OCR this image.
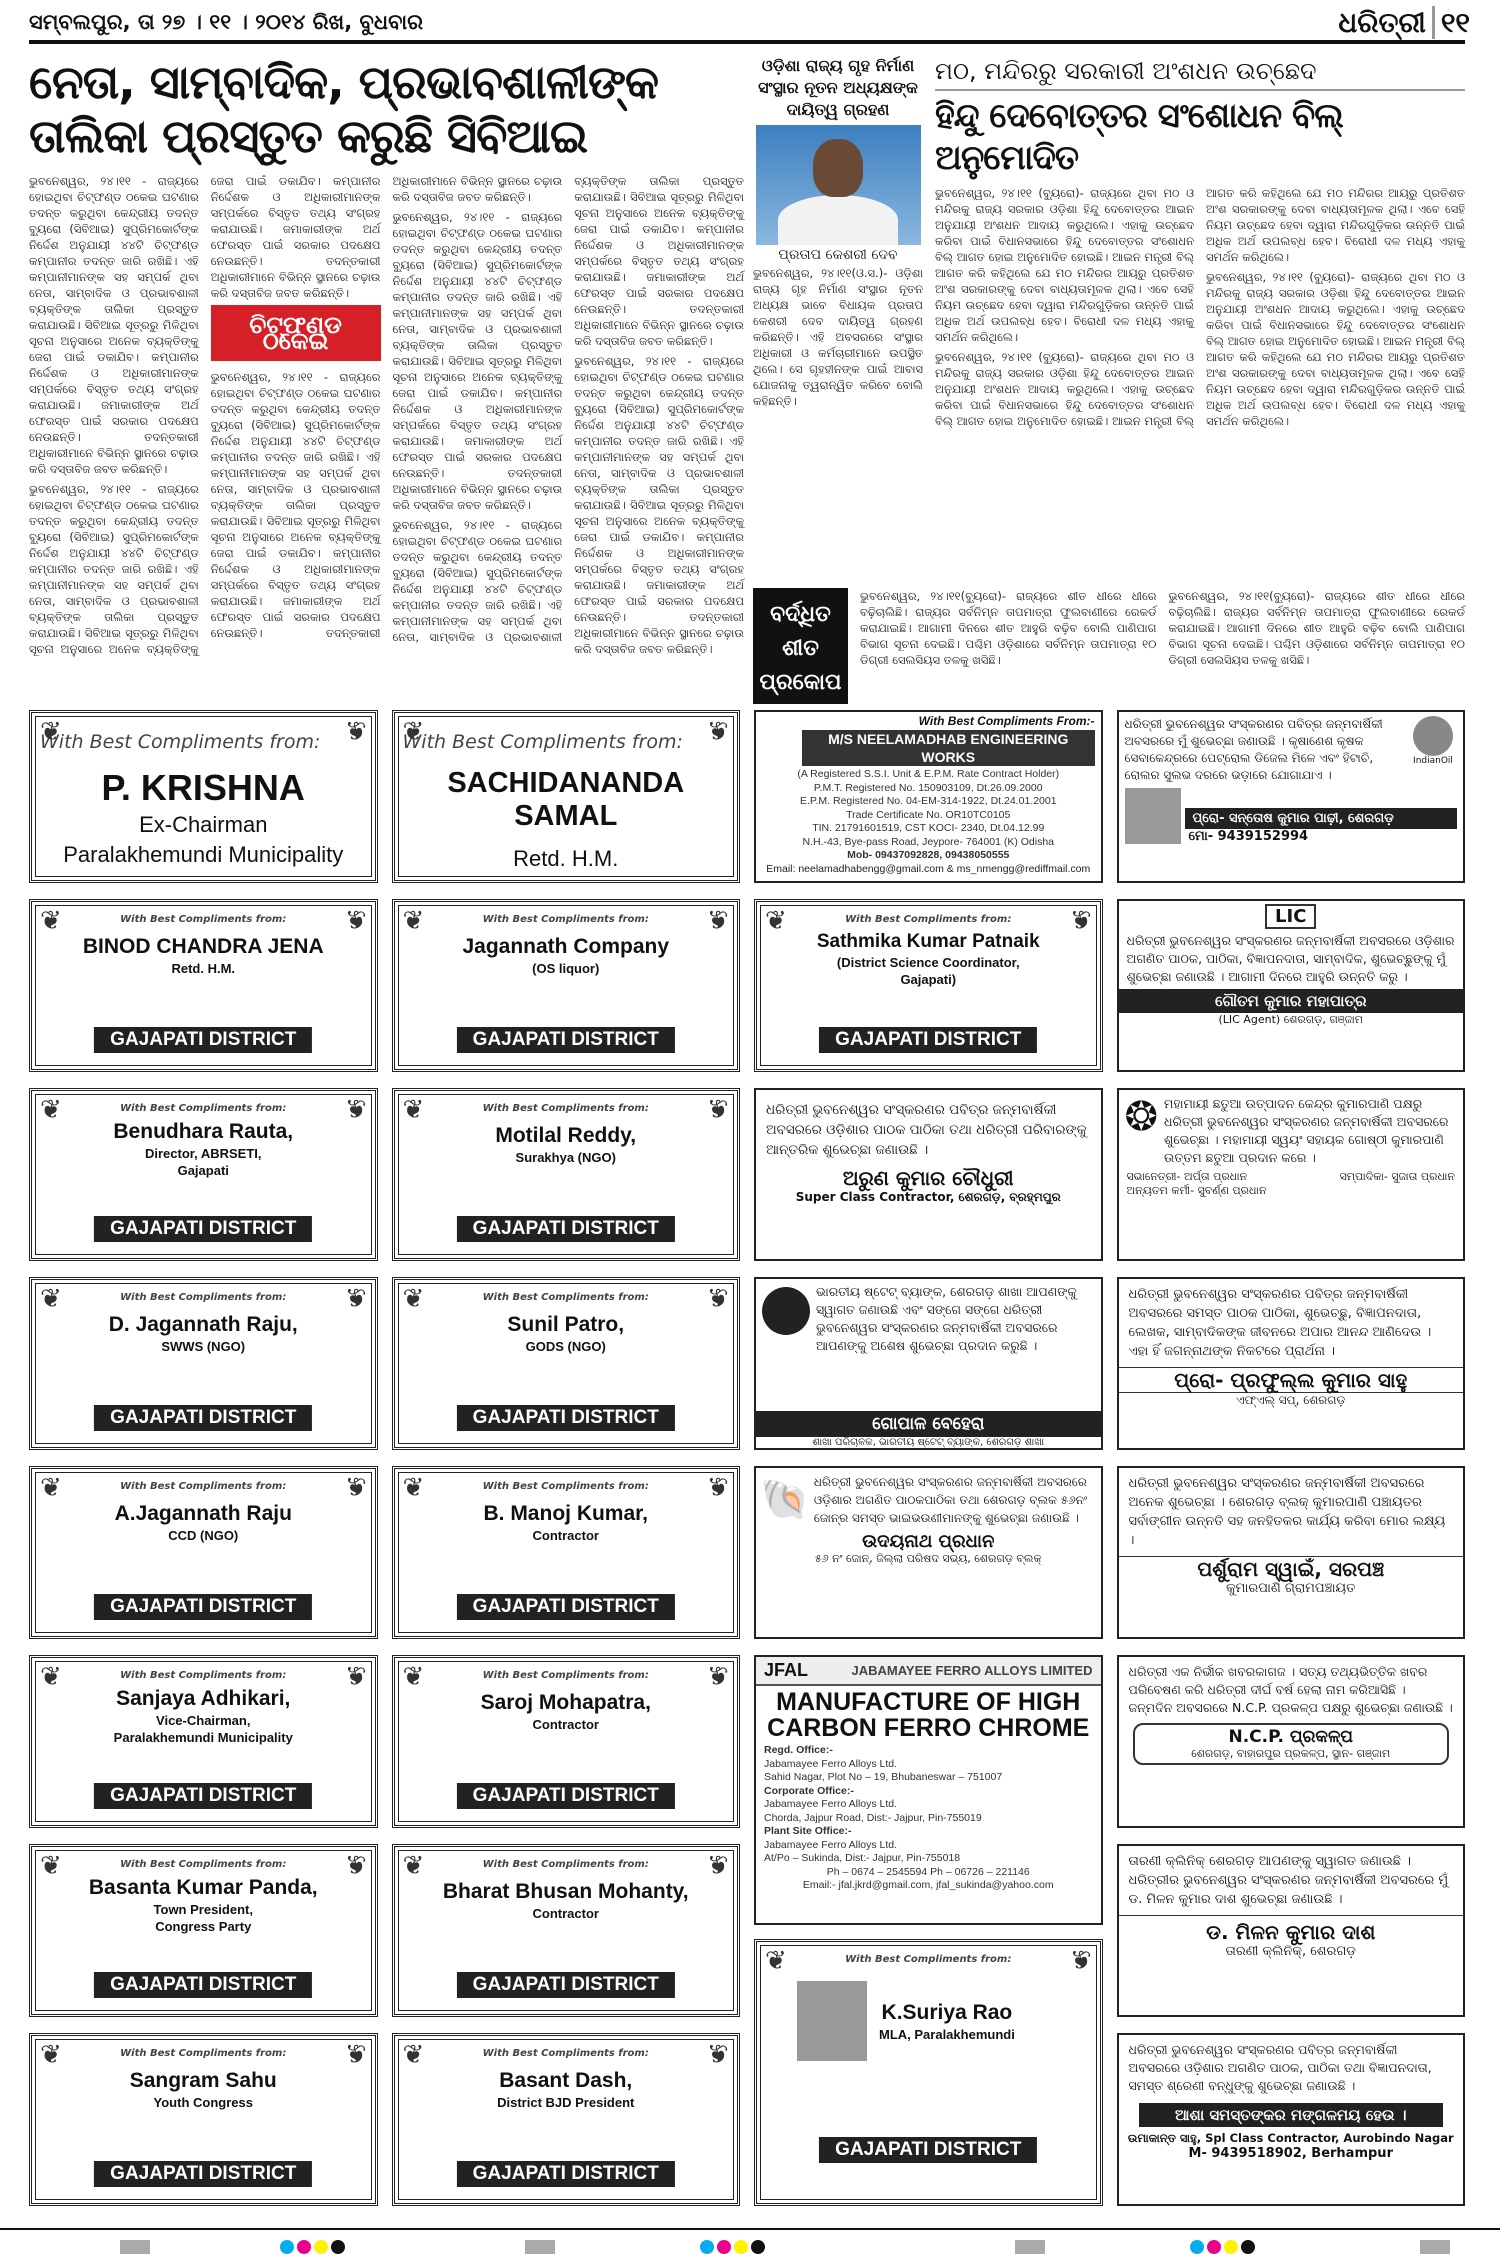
ସମ୍ବଲପୁର, ତା ୨୭ । ୧୧ । ୨୦୧୪ ରିଖ, ବୁଧବାର	ଧରିତ୍ରୀ ୧୧
ନେତା, ସାମ୍ବାଦିକ, ପ୍ରଭାବଶାଳୀଙ୍କ ତାଲିକା ପ୍ରସ୍ତୁତ କରୁଛି ସିବିଆଇ

ଭୁବନେଶ୍ୱର, ୨୪।୧୧ - ରାଜ୍ୟରେ ହୋଇଥିବା ଚିଟ୍‌ଫଣ୍ଡ ଠକେଇ ଘଟଣାର ତଦନ୍ତ କରୁଥିବା କେନ୍ଦ୍ରୀୟ ତଦନ୍ତ ବ୍ୟୁରୋ (ସିବିଆଇ) ସୁପ୍ରିମକୋର୍ଟଙ୍କ ନିର୍ଦ୍ଦେଶ ଅନୁଯାୟୀ ୪୪ଟି ଚିଟ୍‌ଫଣ୍ଡ କମ୍ପାନୀର ତଦନ୍ତ ଜାରି ରଖିଛି। ଏହି କମ୍ପାନୀମାନଙ୍କ ସହ ସମ୍ପର୍କ ଥିବା ନେତା, ସାମ୍ବାଦିକ ଓ ପ୍ରଭାବଶାଳୀ ବ୍ୟକ୍ତିଙ୍କ ତାଲିକା ପ୍ରସ୍ତୁତ କରାଯାଉଛି। ସିବିଆଇ ସୂତ୍ରରୁ ମିଳିଥିବା ସୂଚନା ଅନୁସାରେ ଅନେକ ବ୍ୟକ୍ତିଙ୍କୁ ଜେରା ପାଇଁ ଡକାଯିବ। କମ୍ପାନୀର ନିର୍ଦ୍ଦେଶକ ଓ ଅଧିକାରୀମାନଙ୍କ ସମ୍ପର୍କରେ ବିସ୍ତୃତ ତଥ୍ୟ ସଂଗ୍ରହ କରାଯାଉଛି। ଜମାକାରୀଙ୍କ ଅର୍ଥ ଫେରସ୍ତ ପାଇଁ ସରକାର ପଦକ୍ଷେପ ନେଉଛନ୍ତି। ତଦନ୍ତକାରୀ ଅଧିକାରୀମାନେ ବିଭିନ୍ନ ସ୍ଥାନରେ ଚଢ଼ାଉ କରି ଦସ୍ତାବିଜ ଜବତ କରିଛନ୍ତି।

ଭୁବନେଶ୍ୱର, ୨୪।୧୧ - ରାଜ୍ୟରେ ହୋଇଥିବା ଚିଟ୍‌ଫଣ୍ଡ ଠକେଇ ଘଟଣାର ତଦନ୍ତ କରୁଥିବା କେନ୍ଦ୍ରୀୟ ତଦନ୍ତ ବ୍ୟୁରୋ (ସିବିଆଇ) ସୁପ୍ରିମକୋର୍ଟଙ୍କ ନିର୍ଦ୍ଦେଶ ଅନୁଯାୟୀ ୪୪ଟି ଚିଟ୍‌ଫଣ୍ଡ କମ୍ପାନୀର ତଦନ୍ତ ଜାରି ରଖିଛି। ଏହି କମ୍ପାନୀମାନଙ୍କ ସହ ସମ୍ପର୍କ ଥିବା ନେତା, ସାମ୍ବାଦିକ ଓ ପ୍ରଭାବଶାଳୀ ବ୍ୟକ୍ତିଙ୍କ ତାଲିକା ପ୍ରସ୍ତୁତ କରାଯାଉଛି। ସିବିଆଇ ସୂତ୍ରରୁ ମିଳିଥିବା ସୂଚନା ଅନୁସାରେ ଅନେକ ବ୍ୟକ୍ତିଙ୍କୁ ଜେରା ପାଇଁ ଡକାଯିବ। କମ୍ପାନୀର ନିର୍ଦ୍ଦେଶକ ଓ ଅଧିକାରୀମାନଙ୍କ ସମ୍ପର୍କରେ ବିସ୍ତୃତ ତଥ୍ୟ ସଂଗ୍ରହ କରାଯାଉଛି। ଜମାକାରୀଙ୍କ ଅର୍ଥ ଫେରସ୍ତ ପାଇଁ ସରକାର ପଦକ୍ଷେପ ନେଉଛନ୍ତି। ତଦନ୍ତକାରୀ ଅଧିକାରୀମାନେ ବିଭିନ୍ନ ସ୍ଥାନରେ ଚଢ଼ାଉ କରି ଦସ୍ତାବିଜ ଜବତ କରିଛନ୍ତି।

ଚିଟ୍‌ଫଣ୍ଡ ଠକେଇ

ଭୁବନେଶ୍ୱର, ୨୪।୧୧ - ରାଜ୍ୟରେ ହୋଇଥିବା ଚିଟ୍‌ଫଣ୍ଡ ଠକେଇ ଘଟଣାର ତଦନ୍ତ କରୁଥିବା କେନ୍ଦ୍ରୀୟ ତଦନ୍ତ ବ୍ୟୁରୋ (ସିବିଆଇ) ସୁପ୍ରିମକୋର୍ଟଙ୍କ ନିର୍ଦ୍ଦେଶ ଅନୁଯାୟୀ ୪୪ଟି ଚିଟ୍‌ଫଣ୍ଡ କମ୍ପାନୀର ତଦନ୍ତ ଜାରି ରଖିଛି। ଏହି କମ୍ପାନୀମାନଙ୍କ ସହ ସମ୍ପର୍କ ଥିବା ନେତା, ସାମ୍ବାଦିକ ଓ ପ୍ରଭାବଶାଳୀ ବ୍ୟକ୍ତିଙ୍କ ତାଲିକା ପ୍ରସ୍ତୁତ କରାଯାଉଛି। ସିବିଆଇ ସୂତ୍ରରୁ ମିଳିଥିବା ସୂଚନା ଅନୁସାରେ ଅନେକ ବ୍ୟକ୍ତିଙ୍କୁ ଜେରା ପାଇଁ ଡକାଯିବ। କମ୍ପାନୀର ନିର୍ଦ୍ଦେଶକ ଓ ଅଧିକାରୀମାନଙ୍କ ସମ୍ପର୍କରେ ବିସ୍ତୃତ ତଥ୍ୟ ସଂଗ୍ରହ କରାଯାଉଛି। ଜମାକାରୀଙ୍କ ଅର୍ଥ ଫେରସ୍ତ ପାଇଁ ସରକାର ପଦକ୍ଷେପ ନେଉଛନ୍ତି। ତଦନ୍ତକାରୀ ଅଧିକାରୀମାନେ ବିଭିନ୍ନ ସ୍ଥାନରେ ଚଢ଼ାଉ କରି ଦସ୍ତାବିଜ ଜବତ କରିଛନ୍ତି।

ଭୁବନେଶ୍ୱର, ୨୪।୧୧ - ରାଜ୍ୟରେ ହୋଇଥିବା ଚିଟ୍‌ଫଣ୍ଡ ଠକେଇ ଘଟଣାର ତଦନ୍ତ କରୁଥିବା କେନ୍ଦ୍ରୀୟ ତଦନ୍ତ ବ୍ୟୁରୋ (ସିବିଆଇ) ସୁପ୍ରିମକୋର୍ଟଙ୍କ ନିର୍ଦ୍ଦେଶ ଅନୁଯାୟୀ ୪୪ଟି ଚିଟ୍‌ଫଣ୍ଡ କମ୍ପାନୀର ତଦନ୍ତ ଜାରି ରଖିଛି। ଏହି କମ୍ପାନୀମାନଙ୍କ ସହ ସମ୍ପର୍କ ଥିବା ନେତା, ସାମ୍ବାଦିକ ଓ ପ୍ରଭାବଶାଳୀ ବ୍ୟକ୍ତିଙ୍କ ତାଲିକା ପ୍ରସ୍ତୁତ କରାଯାଉଛି। ସିବିଆଇ ସୂତ୍ରରୁ ମିଳିଥିବା ସୂଚନା ଅନୁସାରେ ଅନେକ ବ୍ୟକ୍ତିଙ୍କୁ ଜେରା ପାଇଁ ଡକାଯିବ। କମ୍ପାନୀର ନିର୍ଦ୍ଦେଶକ ଓ ଅଧିକାରୀମାନଙ୍କ ସମ୍ପର୍କରେ ବିସ୍ତୃତ ତଥ୍ୟ ସଂଗ୍ରହ କରାଯାଉଛି। ଜମାକାରୀଙ୍କ ଅର୍ଥ ଫେରସ୍ତ ପାଇଁ ସରକାର ପଦକ୍ଷେପ ନେଉଛନ୍ତି। ତଦନ୍ତକାରୀ ଅଧିକାରୀମାନେ ବିଭିନ୍ନ ସ୍ଥାନରେ ଚଢ଼ାଉ କରି ଦସ୍ତାବିଜ ଜବତ କରିଛନ୍ତି।

ଭୁବନେଶ୍ୱର, ୨୪।୧୧ - ରାଜ୍ୟରେ ହୋଇଥିବା ଚିଟ୍‌ଫଣ୍ଡ ଠକେଇ ଘଟଣାର ତଦନ୍ତ କରୁଥିବା କେନ୍ଦ୍ରୀୟ ତଦନ୍ତ ବ୍ୟୁରୋ (ସିବିଆଇ) ସୁପ୍ରିମକୋର୍ଟଙ୍କ ନିର୍ଦ୍ଦେଶ ଅନୁଯାୟୀ ୪୪ଟି ଚିଟ୍‌ଫଣ୍ଡ କମ୍ପାନୀର ତଦନ୍ତ ଜାରି ରଖିଛି। ଏହି କମ୍ପାନୀମାନଙ୍କ ସହ ସମ୍ପର୍କ ଥିବା ନେତା, ସାମ୍ବାଦିକ ଓ ପ୍ରଭାବଶାଳୀ ବ୍ୟକ୍ତିଙ୍କ ତାଲିକା ପ୍ରସ୍ତୁତ କରାଯାଉଛି। ସିବିଆଇ ସୂତ୍ରରୁ ମିଳିଥିବା ସୂଚନା ଅନୁସାରେ ଅନେକ ବ୍ୟକ୍ତିଙ୍କୁ ଜେରା ପାଇଁ ଡକାଯିବ। କମ୍ପାନୀର ନିର୍ଦ୍ଦେଶକ ଓ ଅଧିକାରୀମାନଙ୍କ ସମ୍ପର୍କରେ ବିସ୍ତୃତ ତଥ୍ୟ ସଂଗ୍ରହ କରାଯାଉଛି। ଜମାକାରୀଙ୍କ ଅର୍ଥ ଫେରସ୍ତ ପାଇଁ ସରକାର ପଦକ୍ଷେପ ନେଉଛନ୍ତି। ତଦନ୍ତକାରୀ ଅଧିକାରୀମାନେ ବିଭିନ୍ନ ସ୍ଥାନରେ ଚଢ଼ାଉ କରି ଦସ୍ତାବିଜ ଜବତ କରିଛନ୍ତି।

ଭୁବନେଶ୍ୱର, ୨୪।୧୧ - ରାଜ୍ୟରେ ହୋଇଥିବା ଚିଟ୍‌ଫଣ୍ଡ ଠକେଇ ଘଟଣାର ତଦନ୍ତ କରୁଥିବା କେନ୍ଦ୍ରୀୟ ତଦନ୍ତ ବ୍ୟୁରୋ (ସିବିଆଇ) ସୁପ୍ରିମକୋର୍ଟଙ୍କ ନିର୍ଦ୍ଦେଶ ଅନୁଯାୟୀ ୪୪ଟି ଚିଟ୍‌ଫଣ୍ଡ କମ୍ପାନୀର ତଦନ୍ତ ଜାରି ରଖିଛି। ଏହି କମ୍ପାନୀମାନଙ୍କ ସହ ସମ୍ପର୍କ ଥିବା ନେତା, ସାମ୍ବାଦିକ ଓ ପ୍ରଭାବଶାଳୀ ବ୍ୟକ୍ତିଙ୍କ ତାଲିକା ପ୍ରସ୍ତୁତ କରାଯାଉଛି। ସିବିଆଇ ସୂତ୍ରରୁ ମିଳିଥିବା ସୂଚନା ଅନୁସାରେ ଅନେକ ବ୍ୟକ୍ତିଙ୍କୁ ଜେରା ପାଇଁ ଡକାଯିବ। କମ୍ପାନୀର ନିର୍ଦ୍ଦେଶକ ଓ ଅଧିକାରୀମାନଙ୍କ ସମ୍ପର୍କରେ ବିସ୍ତୃତ ତଥ୍ୟ ସଂଗ୍ରହ କରାଯାଉଛି। ଜମାକାରୀଙ୍କ ଅର୍ଥ ଫେରସ୍ତ ପାଇଁ ସରକାର ପଦକ୍ଷେପ ନେଉଛନ୍ତି। ତଦନ୍ତକାରୀ ଅଧିକାରୀମାନେ ବିଭିନ୍ନ ସ୍ଥାନରେ ଚଢ଼ାଉ କରି ଦସ୍ତାବିଜ ଜବତ କରିଛନ୍ତି।

ଓଡ଼ିଶା ରାଜ୍ୟ ଗୃହ ନିର୍ମାଣ ସଂସ୍ଥାର ନୂତନ ଅଧ୍ୟକ୍ଷଙ୍କ ଦାୟିତ୍ୱ ଗ୍ରହଣ
ପ୍ରତାପ କେଶରୀ ଦେବ
ଭୁବନେଶ୍ୱର, ୨୪।୧୧(ଓ.ସ.)- ଓଡ଼ିଶା ରାଜ୍ୟ ଗୃହ ନିର୍ମାଣ ସଂସ୍ଥାର ନୂତନ ଅଧ୍ୟକ୍ଷ ଭାବେ ବିଧାୟକ ପ୍ରତାପ କେଶରୀ ଦେବ ଦାୟିତ୍ୱ ଗ୍ରହଣ କରିଛନ୍ତି। ଏହି ଅବସରରେ ସଂସ୍ଥାର ଅଧିକାରୀ ଓ କର୍ମଚାରୀମାନେ ଉପସ୍ଥିତ ଥିଲେ। ସେ ଗୃହହୀନଙ୍କ ପାଇଁ ଆବାସ ଯୋଜନାକୁ ତ୍ୱରାନ୍ୱିତ କରିବେ ବୋଲି କହିଛନ୍ତି।
ମଠ, ମନ୍ଦିରରୁ ସରକାରୀ ଅଂଶଧନ ଉଚ୍ଛେଦ
ହିନ୍ଦୁ ଦେବୋତ୍ତର ସଂଶୋଧନ ବିଲ୍ ଅନୁମୋଦିତ

ଭୁବନେଶ୍ୱର, ୨୪।୧୧ (ବ୍ୟୁରୋ)- ରାଜ୍ୟରେ ଥିବା ମଠ ଓ ମନ୍ଦିରକୁ ରାଜ୍ୟ ସରକାର ଓଡ଼ିଶା ହିନ୍ଦୁ ଦେବୋତ୍ତର ଆଇନ ଅନୁଯାୟୀ ଅଂଶଧନ ଆଦାୟ କରୁଥିଲେ। ଏହାକୁ ଉଚ୍ଛେଦ କରିବା ପାଇଁ ବିଧାନସଭାରେ ହିନ୍ଦୁ ଦେବୋତ୍ତର ସଂଶୋଧନ ବିଲ୍ ଆଗତ ହୋଇ ଅନୁମୋଦିତ ହୋଇଛି। ଆଇନ ମନ୍ତ୍ରୀ ବିଲ୍ ଆଗତ କରି କହିଥିଲେ ଯେ ମଠ ମନ୍ଦିରର ଆୟରୁ ପ୍ରତିଶତ ଅଂଶ ସରକାରଙ୍କୁ ଦେବା ବାଧ୍ୟତାମୂଳକ ଥିଲା। ଏବେ ସେହି ନିୟମ ଉଚ୍ଛେଦ ହେବା ଦ୍ୱାରା ମନ୍ଦିରଗୁଡ଼ିକର ଉନ୍ନତି ପାଇଁ ଅଧିକ ଅର୍ଥ ଉପଲବ୍ଧ ହେବ। ବିରୋଧୀ ଦଳ ମଧ୍ୟ ଏହାକୁ ସମର୍ଥନ କରିଥିଲେ।

ଭୁବନେଶ୍ୱର, ୨୪।୧୧ (ବ୍ୟୁରୋ)- ରାଜ୍ୟରେ ଥିବା ମଠ ଓ ମନ୍ଦିରକୁ ରାଜ୍ୟ ସରକାର ଓଡ଼ିଶା ହିନ୍ଦୁ ଦେବୋତ୍ତର ଆଇନ ଅନୁଯାୟୀ ଅଂଶଧନ ଆଦାୟ କରୁଥିଲେ। ଏହାକୁ ଉଚ୍ଛେଦ କରିବା ପାଇଁ ବିଧାନସଭାରେ ହିନ୍ଦୁ ଦେବୋତ୍ତର ସଂଶୋଧନ ବିଲ୍ ଆଗତ ହୋଇ ଅନୁମୋଦିତ ହୋଇଛି। ଆଇନ ମନ୍ତ୍ରୀ ବିଲ୍ ଆଗତ କରି କହିଥିଲେ ଯେ ମଠ ମନ୍ଦିରର ଆୟରୁ ପ୍ରତିଶତ ଅଂଶ ସରକାରଙ୍କୁ ଦେବା ବାଧ୍ୟତାମୂଳକ ଥିଲା। ଏବେ ସେହି ନିୟମ ଉଚ୍ଛେଦ ହେବା ଦ୍ୱାରା ମନ୍ଦିରଗୁଡ଼ିକର ଉନ୍ନତି ପାଇଁ ଅଧିକ ଅର୍ଥ ଉପଲବ୍ଧ ହେବ। ବିରୋଧୀ ଦଳ ମଧ୍ୟ ଏହାକୁ ସମର୍ଥନ କରିଥିଲେ।

ଭୁବନେଶ୍ୱର, ୨୪।୧୧ (ବ୍ୟୁରୋ)- ରାଜ୍ୟରେ ଥିବା ମଠ ଓ ମନ୍ଦିରକୁ ରାଜ୍ୟ ସରକାର ଓଡ଼ିଶା ହିନ୍ଦୁ ଦେବୋତ୍ତର ଆଇନ ଅନୁଯାୟୀ ଅଂଶଧନ ଆଦାୟ କରୁଥିଲେ। ଏହାକୁ ଉଚ୍ଛେଦ କରିବା ପାଇଁ ବିଧାନସଭାରେ ହିନ୍ଦୁ ଦେବୋତ୍ତର ସଂଶୋଧନ ବିଲ୍ ଆଗତ ହୋଇ ଅନୁମୋଦିତ ହୋଇଛି। ଆଇନ ମନ୍ତ୍ରୀ ବିଲ୍ ଆଗତ କରି କହିଥିଲେ ଯେ ମଠ ମନ୍ଦିରର ଆୟରୁ ପ୍ରତିଶତ ଅଂଶ ସରକାରଙ୍କୁ ଦେବା ବାଧ୍ୟତାମୂଳକ ଥିଲା। ଏବେ ସେହି ନିୟମ ଉଚ୍ଛେଦ ହେବା ଦ୍ୱାରା ମନ୍ଦିରଗୁଡ଼ିକର ଉନ୍ନତି ପାଇଁ ଅଧିକ ଅର୍ଥ ଉପଲବ୍ଧ ହେବ। ବିରୋଧୀ ଦଳ ମଧ୍ୟ ଏହାକୁ ସମର୍ଥନ କରିଥିଲେ।

ବର୍ଦ୍ଧିତ ଶୀତ ପ୍ରକୋପ

ଭୁବନେଶ୍ୱର, ୨୪।୧୧(ବ୍ୟୁରୋ)- ରାଜ୍ୟରେ ଶୀତ ଧୀରେ ଧୀରେ ବଢ଼ିଚାଲିଛି। ରାଜ୍ୟର ସର୍ବନିମ୍ନ ତାପମାତ୍ରା ଫୁଲବାଣୀରେ ରେକର୍ଡ କରାଯାଇଛି। ଆଗାମୀ ଦିନରେ ଶୀତ ଆହୁରି ବଢ଼ିବ ବୋଲି ପାଣିପାଗ ବିଭାଗ ସୂଚନା ଦେଇଛି। ପଶ୍ଚିମ ଓଡ଼ିଶାରେ ସର୍ବନିମ୍ନ ତାପମାତ୍ରା ୧୦ ଡିଗ୍ରୀ ସେଲସିୟସ ତଳକୁ ଖସିଛି।

ଭୁବନେଶ୍ୱର, ୨୪।୧୧(ବ୍ୟୁରୋ)- ରାଜ୍ୟରେ ଶୀତ ଧୀରେ ଧୀରେ ବଢ଼ିଚାଲିଛି। ରାଜ୍ୟର ସର୍ବନିମ୍ନ ତାପମାତ୍ରା ଫୁଲବାଣୀରେ ରେକର୍ଡ କରାଯାଇଛି। ଆଗାମୀ ଦିନରେ ଶୀତ ଆହୁରି ବଢ଼ିବ ବୋଲି ପାଣିପାଗ ବିଭାଗ ସୂଚନା ଦେଇଛି। ପଶ୍ଚିମ ଓଡ଼ିଶାରେ ସର୍ବନିମ୍ନ ତାପମାତ୍ରା ୧୦ ଡିଗ୍ରୀ ସେଲସିୟସ ତଳକୁ ଖସିଛି।

❦ With Best Compliments from:
P. KRISHNA
Ex-Chairman
Paralakhemundi Municipality
❦
❦ With Best Compliments from:
SACHIDANANDA SAMAL
Retd. H.M.
❦
With Best Compliments From:-
M/S NEELAMADHAB ENGINEERING WORKS
(A Registered S.S.I. Unit & E.P.M. Rate Contract Holder)
P.M.T. Registered No. 150903109, Dt.26.09.2000
E.P.M. Registered No. 04-EM-314-1922, Dt.24.01.2001
Trade Certificate No. OR10TC0105
TIN. 21791601519, CST KOCI- 2340, Dt.04.12.99
N.H.-43, Bye-pass Road, Jeypore- 764001 (K) Odisha
Mob- 09437092828, 09438050555
Email: neelamadhabengg@gmail.com & ms_nmengg@rediffmail.com
IndianOil
ଧରିତ୍ରୀ ଭୁବନେଶ୍ୱର ସଂସ୍କରଣର ପବିତ୍ର ଜନ୍ମବାର୍ଷିକୀ ଅବସରରେ ମୁଁ ଶୁଭେଚ୍ଛା ଜଣାଉଛି । କୃଷାଣେଶ କୃଷକ ସେବାକେନ୍ଦ୍ରରେ ପେଟ୍ରୋଲ ଡିଜେଲ ମିଳେ ଏବଂ ହିଟାଚି, ରୋଲର ସୁଲଭ ଦରରେ ଭଡ଼ାରେ ଯୋଗାଯାଏ ।
ପ୍ରୋ- ସନ୍ତୋଷ କୁମାର ପାଢ଼ୀ, ଶେରଗଡ଼
ମୋ- 9439152994
❦ With Best Compliments from:
BINOD CHANDRA JENA
Retd. H.M.
GAJAPATI DISTRICT
❦
❦ With Best Compliments from:
Jagannath Company
(OS liquor)
GAJAPATI DISTRICT
❦
❦ With Best Compliments from:
Sathmika Kumar Patnaik
(District Science Coordinator,
Gajapati)
GAJAPATI DISTRICT
❦
LIC
ଧରିତ୍ରୀ ଭୁବନେଶ୍ୱର ସଂସ୍କରଣର ଜନ୍ମବାର୍ଷିକୀ ଅବସରରେ ଓଡ଼ିଶାର ଅଗଣିତ ପାଠକ, ପାଠିକା, ବିଜ୍ଞାପନଦାତା, ସାମ୍ବାଦିକ, ଶୁଭେଚ୍ଛୁଙ୍କୁ ମୁଁ ଶୁଭେଚ୍ଛା ଜଣାଉଛି । ଆଗାମୀ ଦିନରେ ଆହୁରି ଉନ୍ନତି କରୁ ।
ଗୌତମ କୁମାର ମହାପାତ୍ର
(LIC Agent) ଶେରଗଡ଼, ଗଞ୍ଜାମ
❦ With Best Compliments from:
Benudhara Rauta,
Director, ABRSETI,
Gajapati
GAJAPATI DISTRICT
❦
❦ With Best Compliments from:
Motilal Reddy,
Surakhya (NGO)
GAJAPATI DISTRICT
❦
ଧରିତ୍ରୀ ଭୁବନେଶ୍ୱର ସଂସ୍କରଣର ପବିତ୍ର ଜନ୍ମବାର୍ଷିକୀ ଅବସରରେ ଓଡ଼ିଶାର ପାଠକ ପାଠିକା ତଥା ଧରିତ୍ରୀ ପରିବାରଙ୍କୁ ଆନ୍ତରିକ ଶୁଭେଚ୍ଛା ଜଣାଉଛି ।
ଅରୁଣ କୁମାର ଚୌଧୁରୀ
Super Class Contractor, ଶେରଗଡ଼, ବ୍ରହ୍ମପୁର
❂ ମହାମାୟୀ ଛତୁଆ ଉତ୍ପାଦନ କେନ୍ଦ୍ର କୁମାରପାଣି ପକ୍ଷରୁ ଧରିତ୍ରୀ ଭୁବନେଶ୍ୱର ସଂସ୍କରଣର ଜନ୍ମବାର୍ଷିକୀ ଅବସରରେ ଶୁଭେଚ୍ଛା । ମହାମାୟୀ ସ୍ୱୟଂ ସହାୟକ ଗୋଷ୍ଠୀ କୁମାରପାଣି ଉତ୍ତମ ଛତୁଆ ପ୍ରଦାନ କରେ ।
ସଭାନେତ୍ରୀ- ଅର୍ପ୍ତା ପ୍ରଧାନ	ସମ୍ପାଦିକା- ସୁଜାତା ପ୍ରଧାନ
ଅନ୍ୟତମ କର୍ମୀ- ସୁବର୍ଣ୍ଣ ପ୍ରଧାନ
❦ With Best Compliments from:
D. Jagannath Raju,
SWWS (NGO)
GAJAPATI DISTRICT
❦
❦ With Best Compliments from:
Sunil Patro,
GODS (NGO)
GAJAPATI DISTRICT
❦
ଭାରତୀୟ ଷ୍ଟେଟ୍ ବ୍ୟାଙ୍କ, ଶେରଗଡ଼ ଶାଖା ଆପଣଙ୍କୁ ସ୍ୱାଗତ ଜଣାଉଛି ଏବଂ ସଙ୍ଗେ ସଙ୍ଗେ ଧରିତ୍ରୀ ଭୁବନେଶ୍ୱର ସଂସ୍କରଣର ଜନ୍ମବାର୍ଷିକୀ ଅବସରରେ ଆପଣଙ୍କୁ ଅଶେଷ ଶୁଭେଚ୍ଛା ପ୍ରଦାନ କରୁଛି ।
ଗୋପାଳ ବେହେରା
ଶାଖା ପରିଚାଳକ, ଭାରତୀୟ ଷ୍ଟେଟ୍ ବ୍ୟାଙ୍କ, ଶେରଗଡ଼ ଶାଖା
ଧରିତ୍ରୀ ଭୁବନେଶ୍ୱର ସଂସ୍କରଣର ପବିତ୍ର ଜନ୍ମବାର୍ଷିକୀ ଅବସରରେ ସମସ୍ତ ପାଠକ ପାଠିକା, ଶୁଭେଚ୍ଛୁ, ବିଜ୍ଞାପନଦାତା, ଲେଖକ, ସାମ୍ବାଦିକଙ୍କ ଜୀବନରେ ଅପାର ଆନନ୍ଦ ଆଣିଦେଉ । ଏହା ହିଁ ଜଗନ୍ନାଥଙ୍କ ନିକଟରେ ପ୍ରାର୍ଥନା ।
ପ୍ରୋ- ପ୍ରଫୁଲ୍ଲ କୁମାର ସାହୁ
ଏଫ୍‌ଏଲ୍ ସପ୍, ଶେରଗଡ଼
❦ With Best Compliments from:
A.Jagannath Raju
CCD (NGO)
GAJAPATI DISTRICT
❦
❦ With Best Compliments from:
B. Manoj Kumar,
Contractor
GAJAPATI DISTRICT
❦
🐚 ଧରିତ୍ରୀ ଭୁବନେଶ୍ୱର ସଂସ୍କରଣର ଜନ୍ମବାର୍ଷିକୀ ଅବସରରେ ଓଡ଼ିଶାର ଅଗଣିତ ପାଠକପାଠିକା ତଥା ଶେରଗଡ଼ ବ୍ଲକ ୫୬ନଂ ଜୋନ୍‌ର ସମସ୍ତ ଭାଇଭଉଣୀମାନଙ୍କୁ ଶୁଭେଚ୍ଛା ଜଣାଉଛି ।
ଉଦୟନାଥ ପ୍ରଧାନ
୫୬ ନଂ ଜୋନ୍, ଜିଲ୍ଲା ପରିଷଦ ସଭ୍ୟ, ଶେରଗଡ଼ ବ୍ଲକ୍
ଧରିତ୍ରୀ ଭୁବନେଶ୍ୱର ସଂସ୍କରଣର ଜନ୍ମବାର୍ଷିକୀ ଅବସରରେ ଅନେକ ଶୁଭେଚ୍ଛା । ଶେରଗଡ଼ ବ୍ଲକ୍ କୁମାରପାଣି ପଞ୍ଚାୟତର ସର୍ବାଙ୍ଗୀନ ଉନ୍ନତି ସହ ଜନହିତକର କାର୍ଯ୍ୟ କରିବା ମୋର ଲକ୍ଷ୍ୟ ।
ପର୍ଶୁରାମ ସ୍ୱାଇଁ, ସରପଞ୍ଚ
କୁମାରପାଣି ଗ୍ରାମପଞ୍ଚାୟତ
❦ With Best Compliments from:
Sanjaya Adhikari,
Vice-Chairman,
Paralakhemundi Municipality
GAJAPATI DISTRICT
❦
❦ With Best Compliments from:
Saroj Mohapatra,
Contractor
GAJAPATI DISTRICT
❦
JFAL	JABAMAYEE FERRO ALLOYS LIMITED
MANUFACTURE OF HIGH CARBON FERRO CHROME
Regd. Office:-
Jabamayee Ferro Alloys Ltd.
Sahid Nagar, Plot No – 19, Bhubaneswar – 751007
Corporate Office:-
Jabamayee Ferro Alloys Ltd.
Chorda, Jajpur Road, Dist:- Jajpur, Pin-755019
Plant Site Office:-
Jabamayee Ferro Alloys Ltd.
At/Po – Sukinda, Dist:- Jajpur, Pin-755018
Ph – 0674 – 2545594 Ph – 06726 – 221146
Email:- jfal.jkrd@gmail.com, jfal_sukinda@yahoo.com
❦ With Best Compliments from:
K.Suriya Rao
MLA, Paralakhemundi
GAJAPATI DISTRICT
❦
ଧରିତ୍ରୀ ଏକ ନିର୍ଭୀକ ଖବରକାଗଜ । ସତ୍ୟ ତଥ୍ୟଭିତ୍ତିକ ଖବର ପରିବେଷଣ କରି ଧରିତ୍ରୀ ଦୀର୍ଘ ବର୍ଷ ହେଲା ନାମ କରିଆସିଛି । ଜନ୍ମଦିନ ଅବସରରେ N.C.P. ପ୍ରକଳ୍ପ ପକ୍ଷରୁ ଶୁଭେଚ୍ଛା ଜଣାଉଛି ।
N.C.P. ପ୍ରକଳ୍ପ
ଶେରଗଡ଼, ବାହାରପୁର ପ୍ରକଳ୍ପ, ସ୍ଥାନ- ଗଞ୍ଜାମ
❦ With Best Compliments from:
Basanta Kumar Panda,
Town President,
Congress Party
GAJAPATI DISTRICT
❦
❦ With Best Compliments from:
Bharat Bhusan Mohanty,
Contractor
GAJAPATI DISTRICT
❦
ତାରଣୀ କ୍ଲିନିକ୍ ଶେରଗଡ଼ ଆପଣଙ୍କୁ ସ୍ୱାଗତ ଜଣାଉଛି । ଧରିତ୍ରୀର ଭୁବନେଶ୍ୱର ସଂସ୍କରଣର ଜନ୍ମବାର୍ଷିକୀ ଅବସରରେ ମୁଁ ଡ. ମିଳନ କୁମାର ଦାଶ ଶୁଭେଚ୍ଛା ଜଣାଉଛି ।
ଡ. ମିଳନ କୁମାର ଦାଶ
ତାରଣୀ କ୍ଲିନିକ୍, ଶେରଗଡ଼
❦ With Best Compliments from:
Sangram Sahu
Youth Congress
GAJAPATI DISTRICT
❦
❦ With Best Compliments from:
Basant Dash,
District BJD President
GAJAPATI DISTRICT
❦
ଧରିତ୍ରୀ ଭୁବନେଶ୍ୱର ସଂସ୍କରଣର ପବିତ୍ର ଜନ୍ମବାର୍ଷିକୀ ଅବସରରେ ଓଡ଼ିଶାର ଅଗଣିତ ପାଠକ, ପାଠିକା ତଥା ବିଜ୍ଞାପନଦାତା, ସମସ୍ତ ଶ୍ରେଣୀ ବନ୍ଧୁଙ୍କୁ ଶୁଭେଚ୍ଛା ଜଣାଉଛି ।
ଆଶା ସମସ୍ତଙ୍କର ମଙ୍ଗଳମୟ ହେଉ ।
ଉମାକାନ୍ତ ସାହୁ, Spl Class Contractor, Aurobindo Nagar
M- 9439518902, Berhampur
